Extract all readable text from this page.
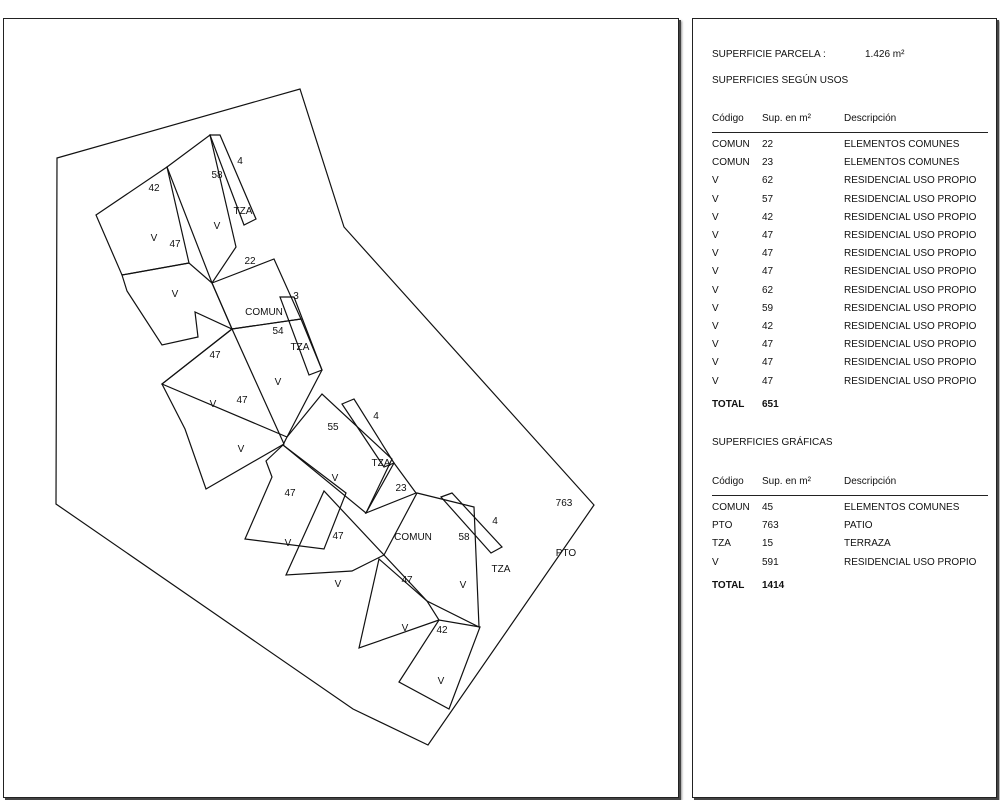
42
58
4
TZA
V
V
47
22
V	3
COMUN
54
TZA
47
V
V 47
V
55
4
TZA
V
47	23
763
4
V
47	COMUN	58
PTO
V
TZA
47
V
V	42
V
SUPERFICIE PARCELA :	1.426 m²
SUPERFICIES SEGÚN USOS
Código Sup. en m²	Descripción
COMUN 22	ELEMENTOS COMUNES
COMUN 23	ELEMENTOS COMUNES
V	62	RESIDENCIAL USO PROPIO
V	57	RESIDENCIAL USO PROPIO
V	42	RESIDENCIAL USO PROPIO
V	47	RESIDENCIAL USO PROPIO
V	47	RESIDENCIAL USO PROPIO
V	47	RESIDENCIAL USO PROPIO
V	62	RESIDENCIAL USO PROPIO
V	59	RESIDENCIAL USO PROPIO
V	42	RESIDENCIAL USO PROPIO
V	47	RESIDENCIAL USO PROPIO
V	47	RESIDENCIAL USO PROPIO
V	47	RESIDENCIAL USO PROPIO
TOTAL 651
SUPERFICIES GRÁFICAS
Código Sup. en m²	Descripción
COMUN 45	ELEMENTOS COMUNES
PTO	763	PATIO
TZA	15	TERRAZA
V	591	RESIDENCIAL USO PROPIO
TOTAL 1414
